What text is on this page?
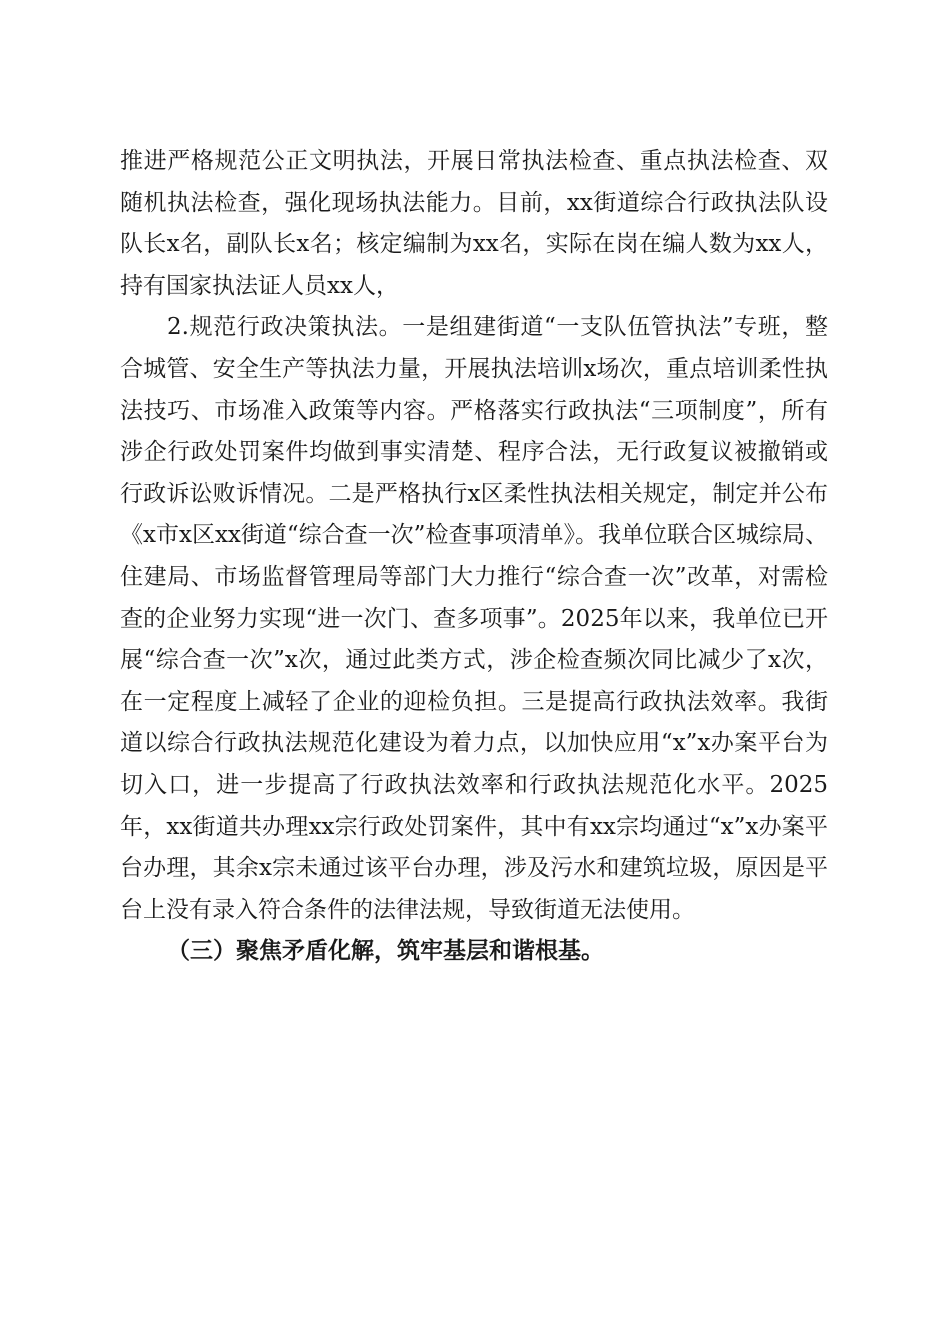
推进严格规范公正文明执法，开展日常执法检查、重点执法检查、双随机执法检查，强化现场执法能力。目前，xx街道综合行政执法队设队长x名，副队长x名；核定编制为xx名，实际在岗在编人数为xx人，持有国家执法证人员xx人，

2.规范行政决策执法。一是组建街道“一支队伍管执法”专班，整合城管、安全生产等执法力量，开展执法培训x场次，重点培训柔性执法技巧、市场准入政策等内容。严格落实行政执法“三项制度”，所有涉企行政处罚案件均做到事实清楚、程序合法，无行政复议被撤销或行政诉讼败诉情况。二是严格执行x区柔性执法相关规定，制定并公布《x市x区xx街道“综合查一次”检查事项清单》。我单位联合区城综局、住建局、市场监督管理局等部门大力推行“综合查一次”改革，对需检查的企业努力实现“进一次门、查多项事”。2025年以来，我单位已开展“综合查一次”x次，通过此类方式，涉企检查频次同比减少了x次，在一定程度上减轻了企业的迎检负担。三是提高行政执法效率。我街道以综合行政执法规范化建设为着力点，以加快应用“x”x办案平台为切入口，进一步提高了行政执法效率和行政执法规范化水平。2025年，xx街道共办理xx宗行政处罚案件，其中有xx宗均通过“x”x办案平台办理，其余x宗未通过该平台办理，涉及污水和建筑垃圾，原因是平台上没有录入符合条件的法律法规，导致街道无法使用。

（三）聚焦矛盾化解，筑牢基层和谐根基。
